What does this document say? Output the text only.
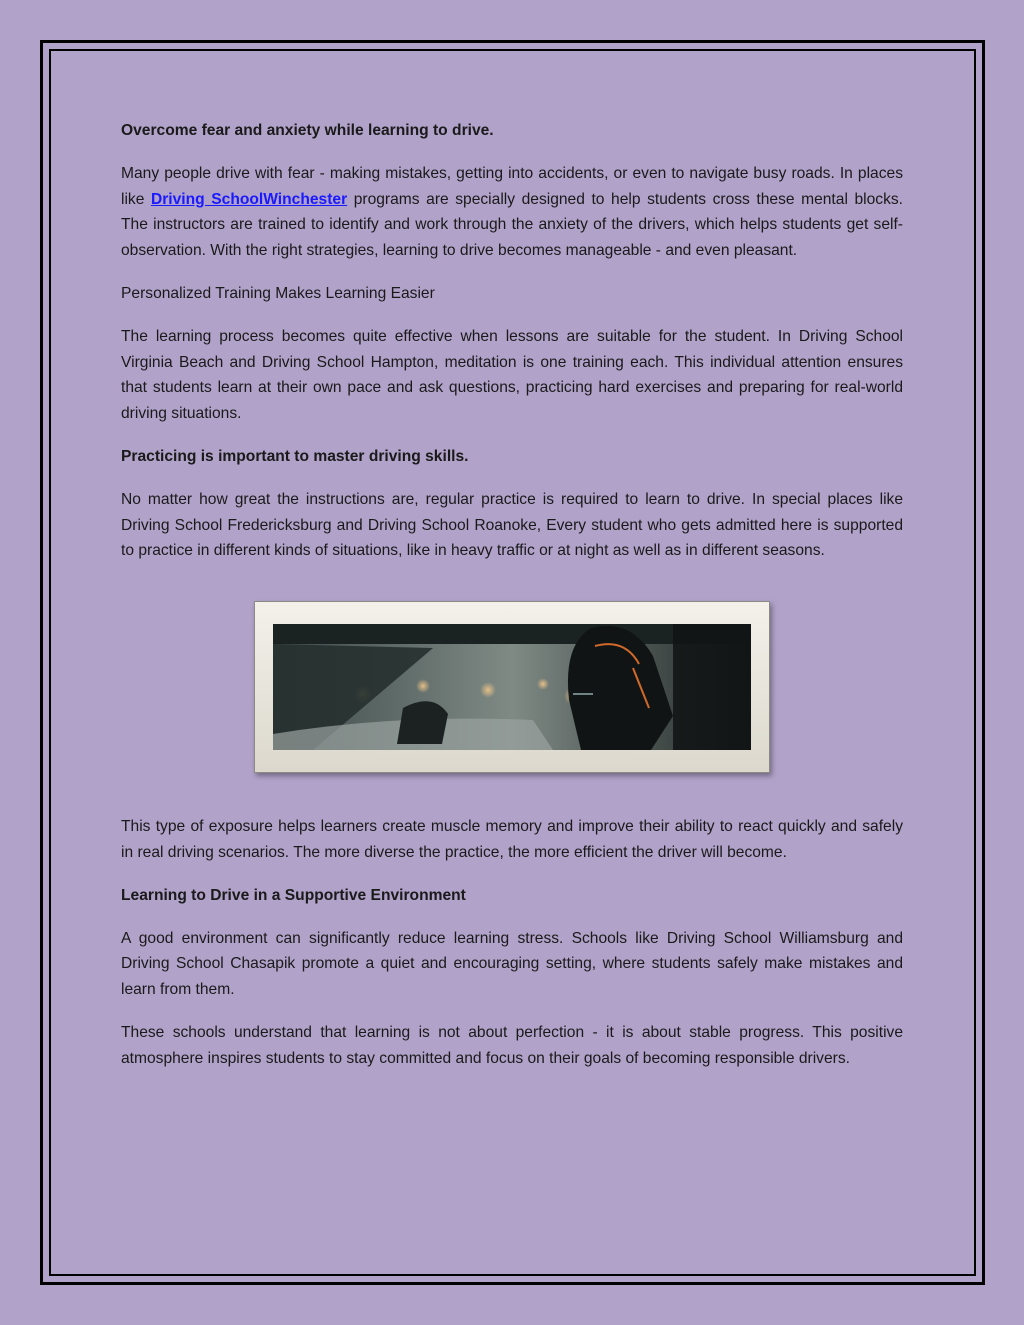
Overcome fear and anxiety while learning to drive.

Many people drive with fear - making mistakes, getting into accidents, or even to navigate busy roads. In places like Driving SchoolWinchester programs are specially designed to help students cross these mental blocks. The instructors are trained to identify and work through the anxiety of the drivers, which helps students get self-observation. With the right strategies, learning to drive becomes manageable - and even pleasant.

Personalized Training Makes Learning Easier

The learning process becomes quite effective when lessons are suitable for the student. In Driving School Virginia Beach and Driving School Hampton, meditation is one training each. This individual attention ensures that students learn at their own pace and ask questions, practicing hard exercises and preparing for real-world driving situations.

Practicing is important to master driving skills.

No matter how great the instructions are, regular practice is required to learn to drive. In special places like Driving School Fredericksburg and Driving School Roanoke, Every student who gets admitted here is supported to practice in different kinds of situations, like in heavy traffic or at night as well as in different seasons.

This type of exposure helps learners create muscle memory and improve their ability to react quickly and safely in real driving scenarios. The more diverse the practice, the more efficient the driver will become.

Learning to Drive in a Supportive Environment

A good environment can significantly reduce learning stress. Schools like Driving School Williamsburg and Driving School Chasapik promote a quiet and encouraging setting, where students safely make mistakes and learn from them.

These schools understand that learning is not about perfection - it is about stable progress. This positive atmosphere inspires students to stay committed and focus on their goals of becoming responsible drivers.
